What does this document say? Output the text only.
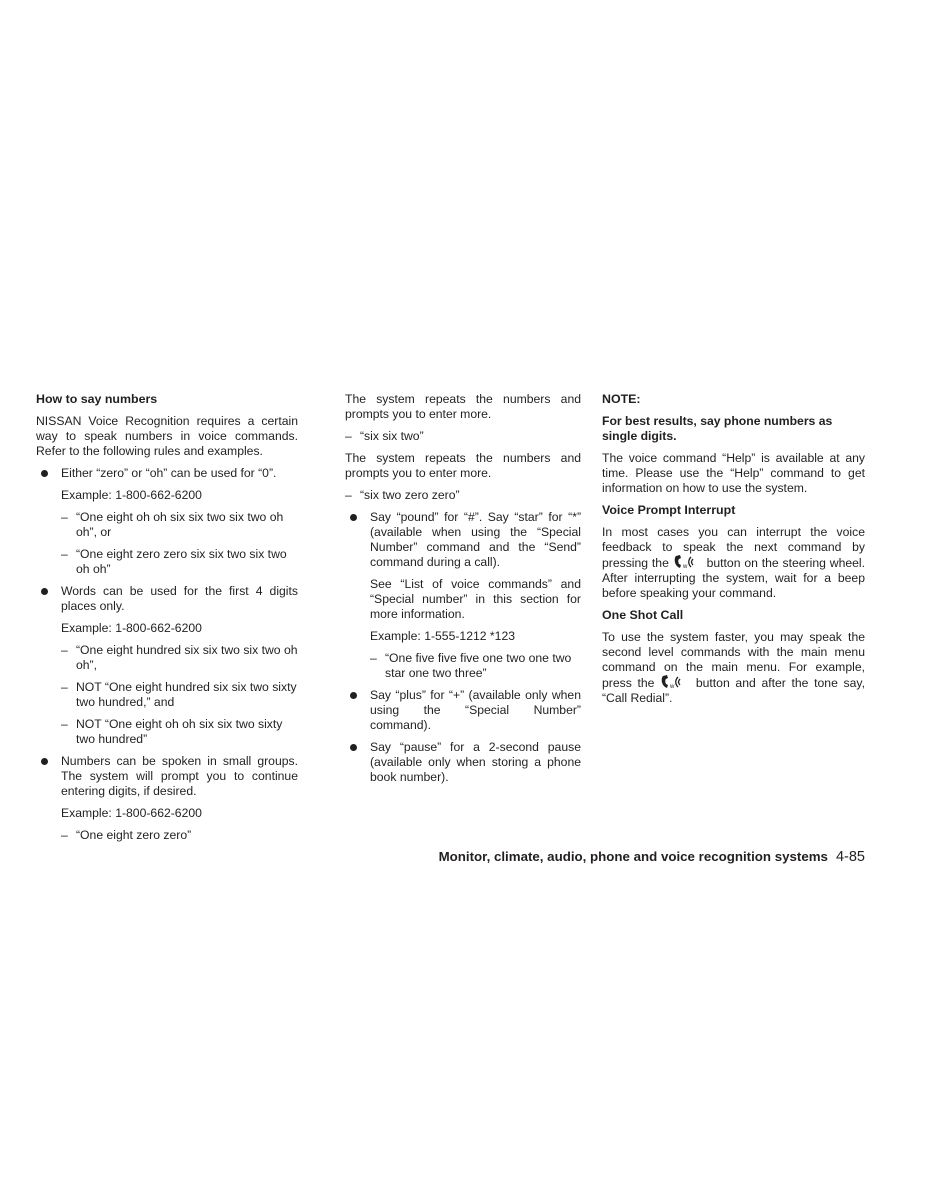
How to say numbers

NISSAN Voice Recognition requires a certain way to speak numbers in voice commands. Refer to the following rules and examples.

Either “zero” or “oh” can be used for “0”.

Example: 1-800-662-6200

– “One eight oh oh six six two six two oh oh”, or
– “One eight zero zero six six two six two oh oh”
Words can be used for the first 4 digits places only.

Example: 1-800-662-6200

– “One eight hundred six six two six two oh oh”,
– NOT “One eight hundred six six two sixty two hundred,” and
– NOT “One eight oh oh six six two sixty two hundred”
Numbers can be spoken in small groups. The system will prompt you to continue entering digits, if desired.

Example: 1-800-662-6200

– “One eight zero zero”

The system repeats the numbers and prompts you to enter more.

– “six six two”

The system repeats the numbers and prompts you to enter more.

– “six two zero zero”
Say “pound” for “#”. Say “star” for “*” (available when using the “Special Number” command and the “Send” command during a call).

See “List of voice commands” and “Special number” in this section for more information.

Example: 1-555-1212 *123

– “One five five five one two one two star one two three”
Say “plus” for “+” (available only when using the “Special Number” command).
Say “pause” for a 2-second pause (available only when storing a phone book number).
NOTE:

For best results, say phone numbers as single digits.

The voice command “Help” is available at any time. Please use the “Help” command to get information on how to use the system.

Voice Prompt Interrupt

In most cases you can interrupt the voice feedback to speak the next command by pressing the w button on the steering wheel. After interrupting the system, wait for a beep before speaking your command.

One Shot Call

To use the system faster, you may speak the second level commands with the main menu command on the main menu. For example, press the	w button and after the tone say, “Call Redial”.

Monitor, climate, audio, phone and voice recognition systems 4-85
